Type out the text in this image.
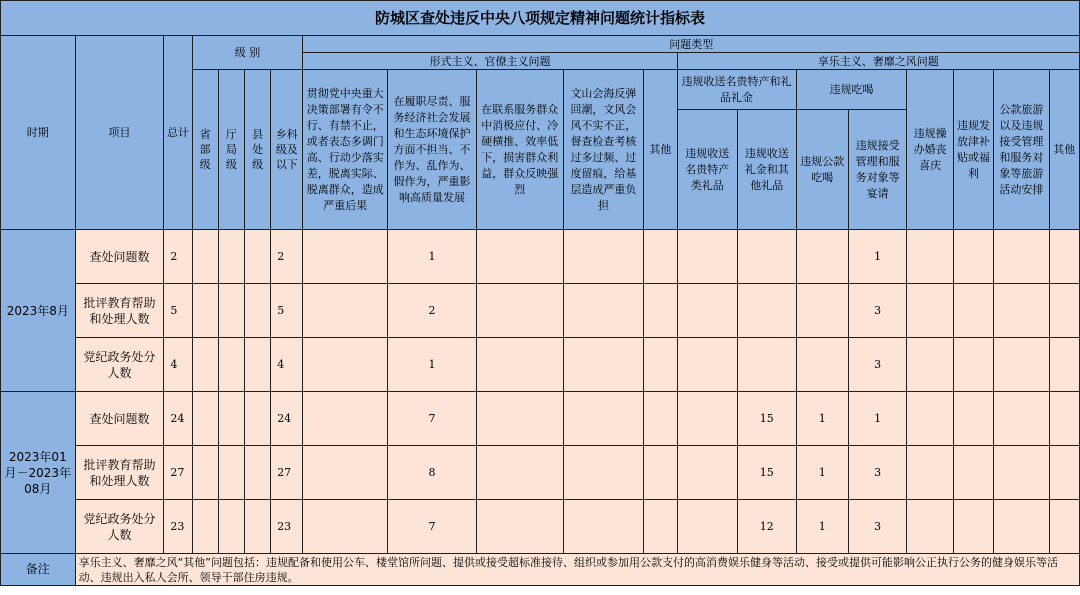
防城区查处违反中央八项规定精神问题统计指标表																			
时期	项目	总计	级 别				问题类型												
							形式主义、官僚主义问题					享乐主义、奢靡之风问题							
			省部级	厅局级	县处级	乡科级及以下	贯彻党中央重大决策部署有令不行、有禁不止，或者表态多调门高、行动少落实差，脱离实际、脱离群众，造成严重后果	在履职尽责、服务经济社会发展和生态环境保护方面不担当、不作为、乱作为、假作为，严重影响高质量发展	在联系服务群众中消极应付、冷硬横推、效率低下，损害群众利益，群众反映强烈	文山会海反弹回潮，文风会风不实不正，督查检查考核过多过频、过度留痕，给基层造成严重负担	其他	违规收送名贵特产和礼品礼金		违规吃喝		违规操办婚丧喜庆	违规发放津补贴或福利	公款旅游以及违规接受管理和服务对象等旅游活动安排	其他
												违规收送名贵特产类礼品	违规收送礼金和其他礼品	违规公款吃喝	违规接受管理和服务对象等宴请				

2023年8月	查处问题数	2				2		1							1				
	批评教育帮助和处理人数	5				5		2							3				
	党纪政务处分人数	4				4		1							3				
2023年01月－2023年08月	查处问题数	24				24		7					15	1	1				
	批评教育帮助和处理人数	27				27		8					15	1	3				
	党纪政务处分人数	23				23		7					12	1	3				
备注	享乐主义、奢靡之风“其他”问题包括：违规配备和使用公车、楼堂馆所问题、提供或接受超标准接待、组织或参加用公款支付的高消费娱乐健身等活动、接受或提供可能影响公正执行公务的健身娱乐等活动、违规出入私人会所、领导干部住房违规。																		
